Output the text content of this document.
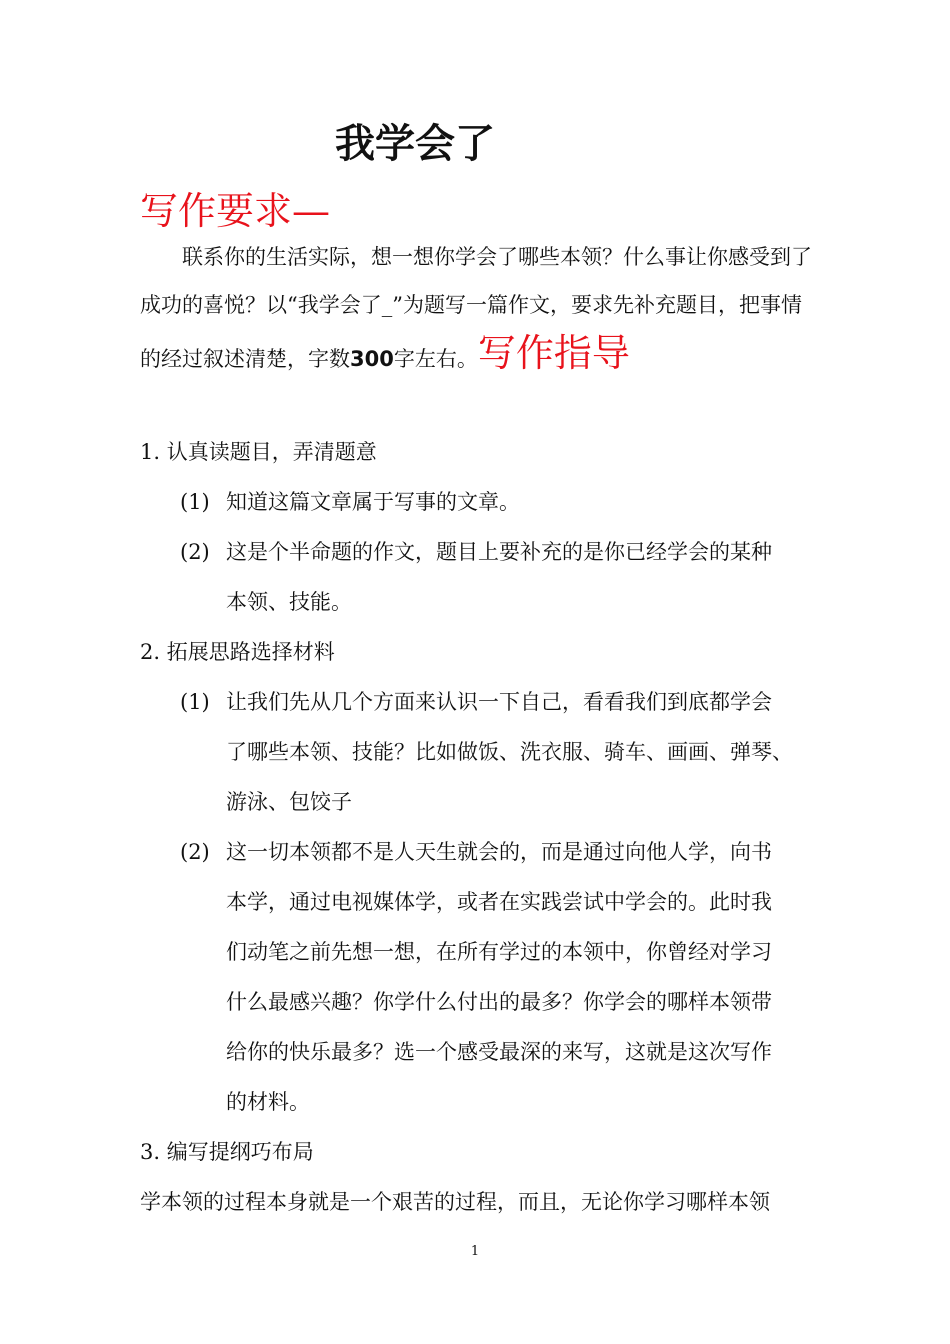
我学会了
写作要求—
联系你的生活实际，想一想你学会了哪些本领？什么事让你感受到了成功的喜悦？以“我学会了_”为题写一篇作文，要求先补充题目，把事情的经过叙述清楚，字数300字左右。写作指导
1. 认真读题目，弄清题意
(1) 知道这篇文章属于写事的文章。
(2) 这是个半命题的作文，题目上要补充的是你已经学会的某种
本领、技能。
2. 拓展思路选择材料
(1) 让我们先从几个方面来认识一下自己，看看我们到底都学会
了哪些本领、技能？比如做饭、洗衣服、骑车、画画、弹琴、
游泳、包饺子
(2) 这一切本领都不是人天生就会的，而是通过向他人学，向书
本学，通过电视媒体学，或者在实践尝试中学会的。此时我
们动笔之前先想一想，在所有学过的本领中，你曾经对学习
什么最感兴趣？你学什么付出的最多？你学会的哪样本领带
给你的快乐最多？选一个感受最深的来写，这就是这次写作
的材料。
3. 编写提纲巧布局
学本领的过程本身就是一个艰苦的过程，而且，无论你学习哪样本领
1
